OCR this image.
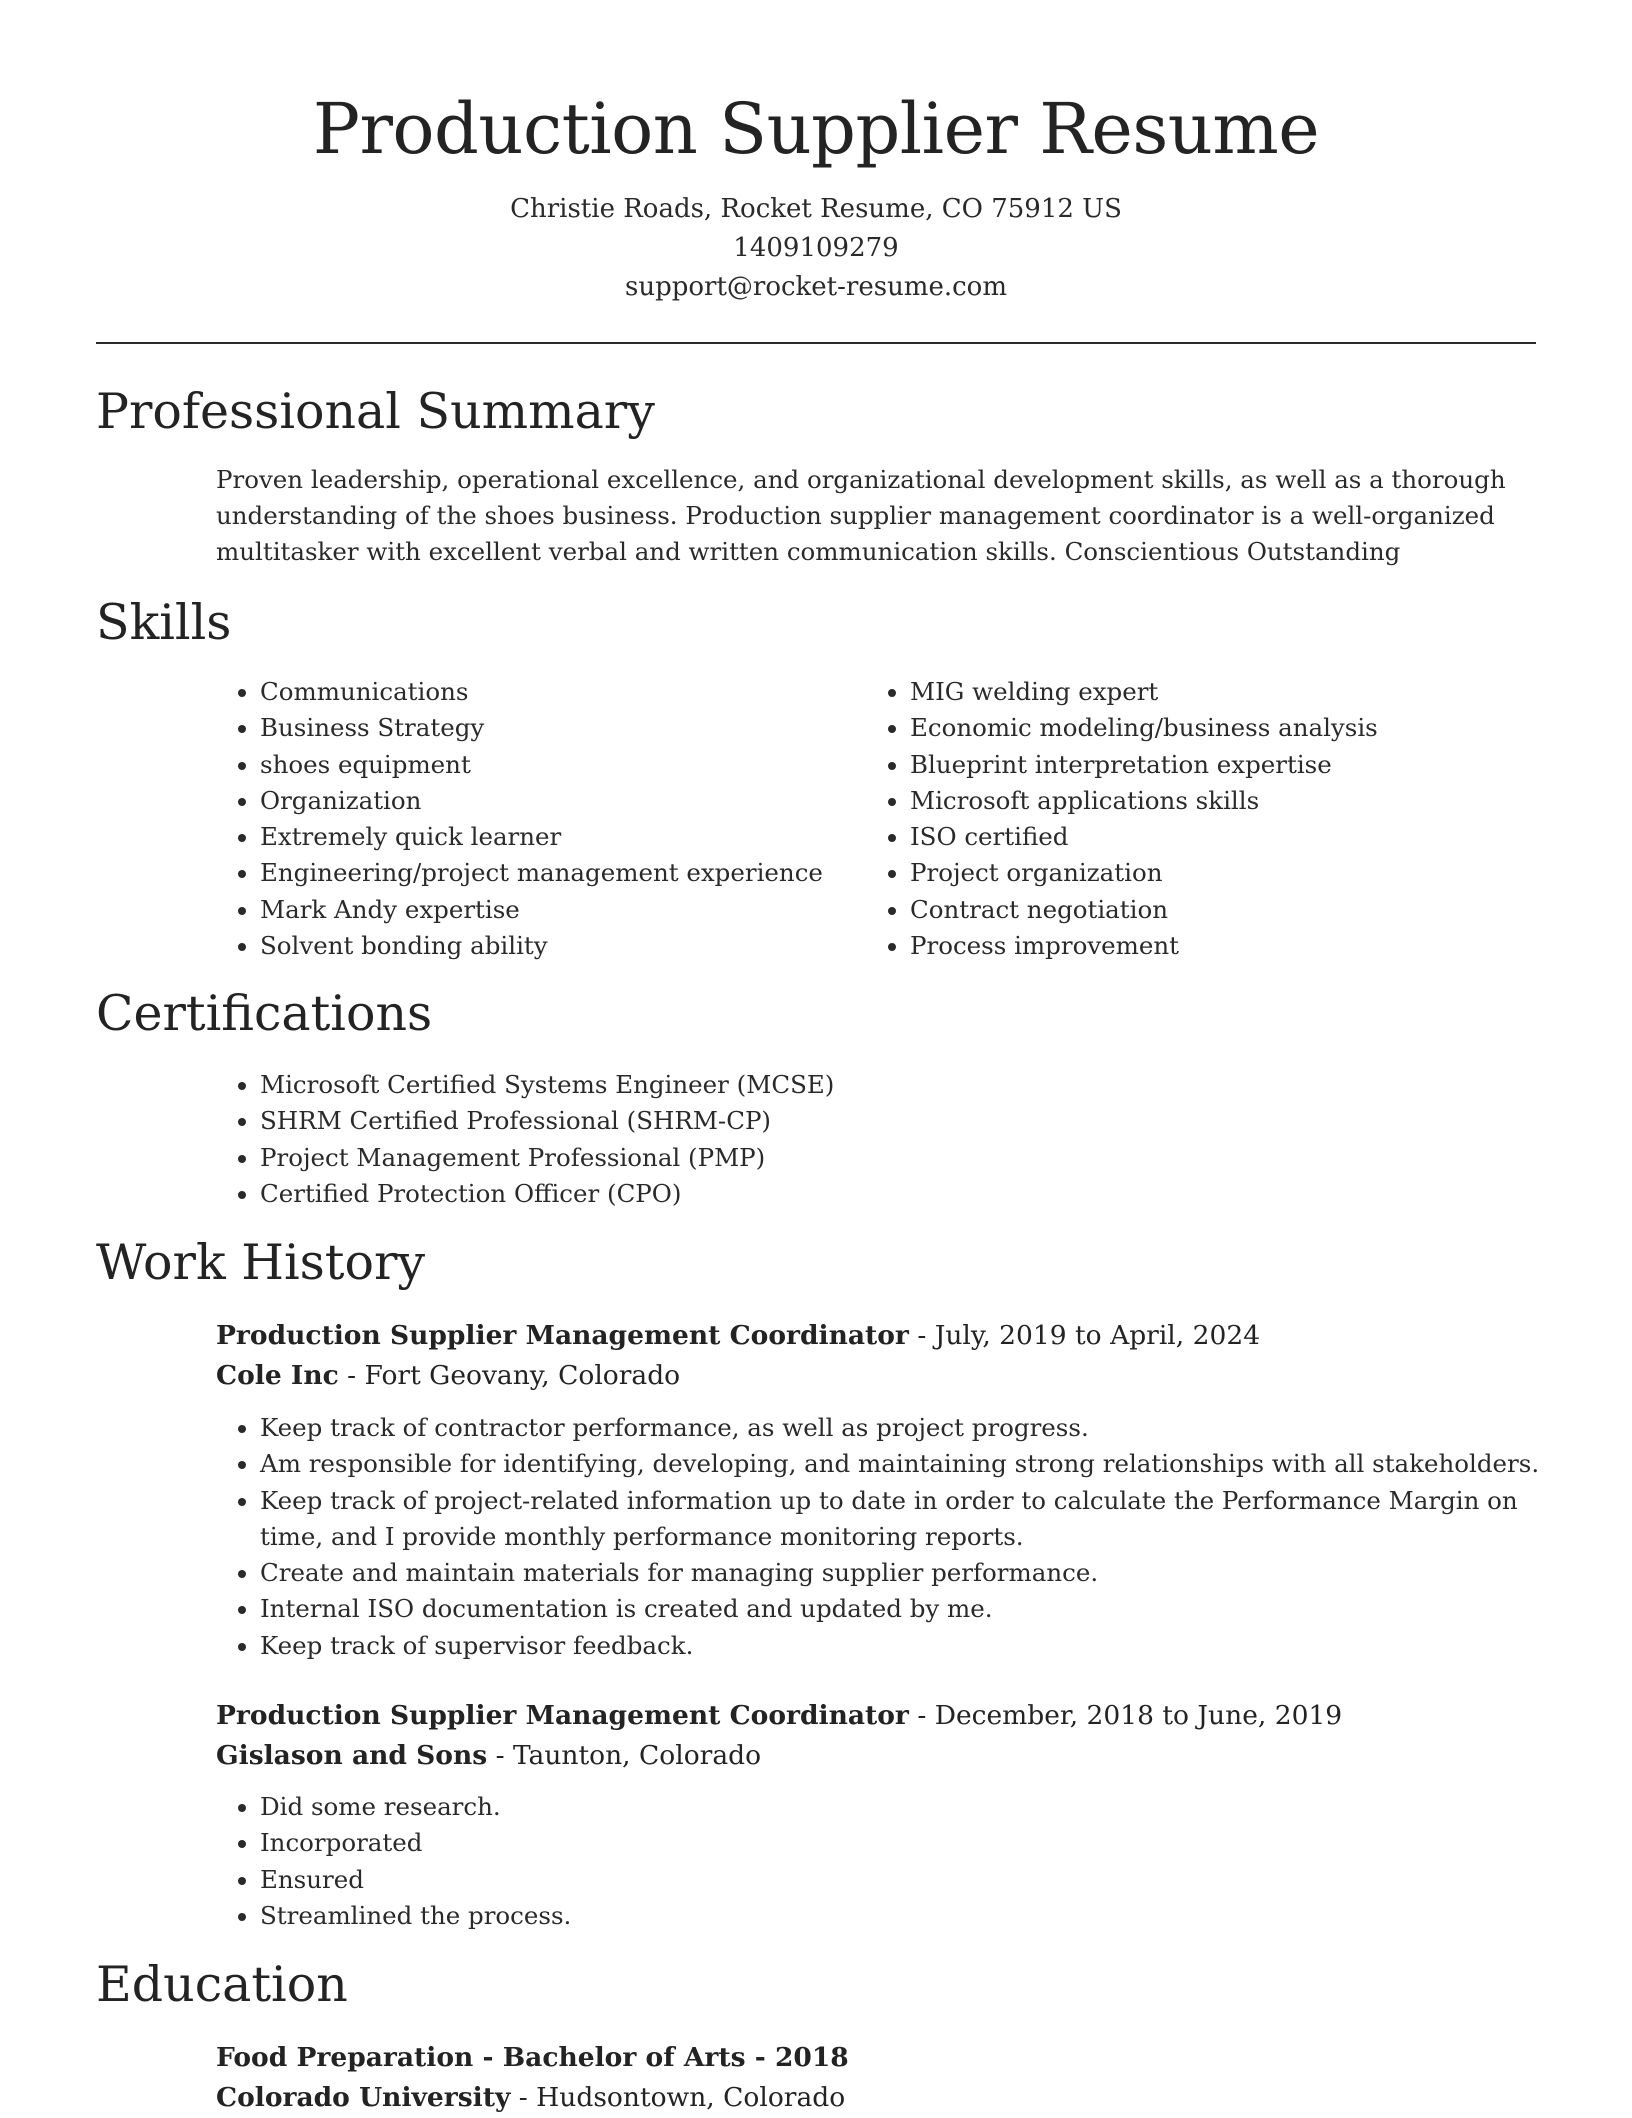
Production Supplier Resume
Christie Roads, Rocket Resume, CO 75912 US
1409109279
support@rocket-resume.com
Professional Summary

Proven leadership, operational excellence, and organizational development skills, as well as a thorough understanding of the shoes business. Production supplier management coordinator is a well-organized multitasker with excellent verbal and written communication skills. Conscientious Outstanding

Skills
• Communications
• Business Strategy
• shoes equipment
• Organization
• Extremely quick learner
• Engineering/project management experience
• Mark Andy expertise
• Solvent bonding ability
• MIG welding expert
• Economic modeling/business analysis
• Blueprint interpretation expertise
• Microsoft applications skills
• ISO certified
• Project organization
• Contract negotiation
• Process improvement
Certifications
• Microsoft Certified Systems Engineer (MCSE)
• SHRM Certified Professional (SHRM-CP)
• Project Management Professional (PMP)
• Certified Protection Officer (CPO)
Work History
Production Supplier Management Coordinator - July, 2019 to April, 2024
Cole Inc - Fort Geovany, Colorado
• Keep track of contractor performance, as well as project progress.
• Am responsible for identifying, developing, and maintaining strong relationships with all stakeholders.
• Keep track of project-related information up to date in order to calculate the Performance Margin on time, and I provide monthly performance monitoring reports.
• Create and maintain materials for managing supplier performance.
• Internal ISO documentation is created and updated by me.
• Keep track of supervisor feedback.
Production Supplier Management Coordinator - December, 2018 to June, 2019
Gislason and Sons - Taunton, Colorado
• Did some research.
• Incorporated
• Ensured
• Streamlined the process.
Education
Food Preparation - Bachelor of Arts - 2018
Colorado University - Hudsontown, Colorado
